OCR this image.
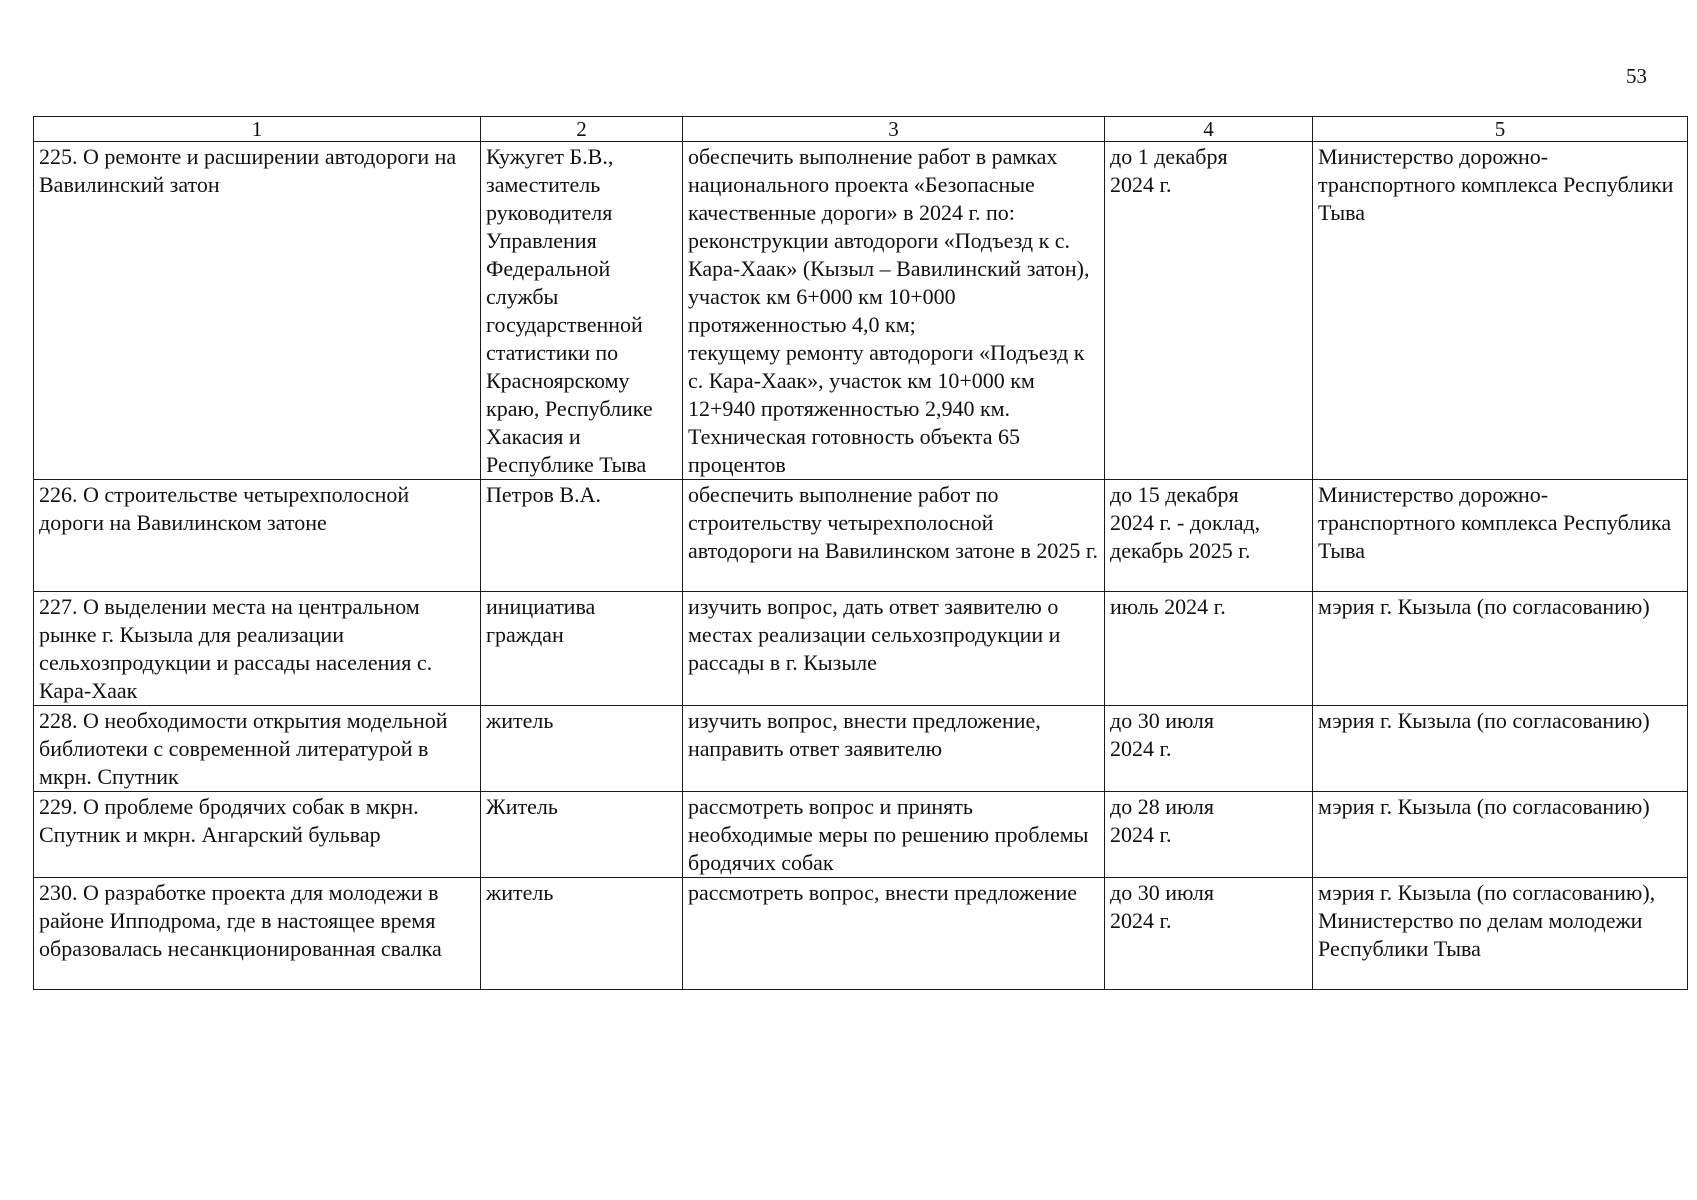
53
1	2	3	4	5
225. О ремонте и расширении автодороги на Вавилинский затон	Кужугет Б.В., заместитель руководителя Управления Федеральной службы государственной статистики по Красноярскому краю, Республике Хакасия и Республике Тыва	обеспечить выполнение работ в рамках национального проекта «Безопасные качественные дороги» в 2024 г. по:
реконструкции автодороги «Подъезд к с. Кара-Хаак» (Кызыл – Вавилинский затон), участок км 6+000 км 10+000 протяженностью 4,0 км;
текущему ремонту автодороги «Подъезд к с. Кара-Хаак», участок км 10+000 км 12+940 протяженностью 2,940 км. Техническая готовность объекта 65 процентов	до 1 декабря
2024 г.	Министерство дорожно-транспортного комплекса Республики Тыва
226. О строительстве четырехполосной дороги на Вавилинском затоне	Петров В.А.	обеспечить выполнение работ по строительству четырехполосной автодороги на Вавилинском затоне в 2025 г.	до 15 декабря
2024 г. - доклад,
декабрь 2025 г.	Министерство дорожно-транспортного комплекса Республика Тыва
227. О выделении места на центральном рынке г. Кызыла для реализации сельхозпродукции и рассады населения с. Кара-Хаак	инициатива граждан	изучить вопрос, дать ответ заявителю о местах реализации сельхозпродукции и рассады в г. Кызыле	июль 2024 г.	мэрия г. Кызыла (по согласованию)
228. О необходимости открытия модельной библиотеки с современной литературой в мкрн. Спутник	житель	изучить вопрос, внести предложение, направить ответ заявителю	до 30 июля
2024 г.	мэрия г. Кызыла (по согласованию)
229. О проблеме бродячих собак в мкрн. Спутник и мкрн. Ангарский бульвар	Житель	рассмотреть вопрос и принять необходимые меры по решению проблемы бродячих собак	до 28 июля
2024 г.	мэрия г. Кызыла (по согласованию)
230. О разработке проекта для молодежи в районе Ипподрома, где в настоящее время образовалась несанкционированная свалка	житель	рассмотреть вопрос, внести предложение	до 30 июля
2024 г.	мэрия г. Кызыла (по согласованию), Министерство по делам молодежи Республики Тыва
